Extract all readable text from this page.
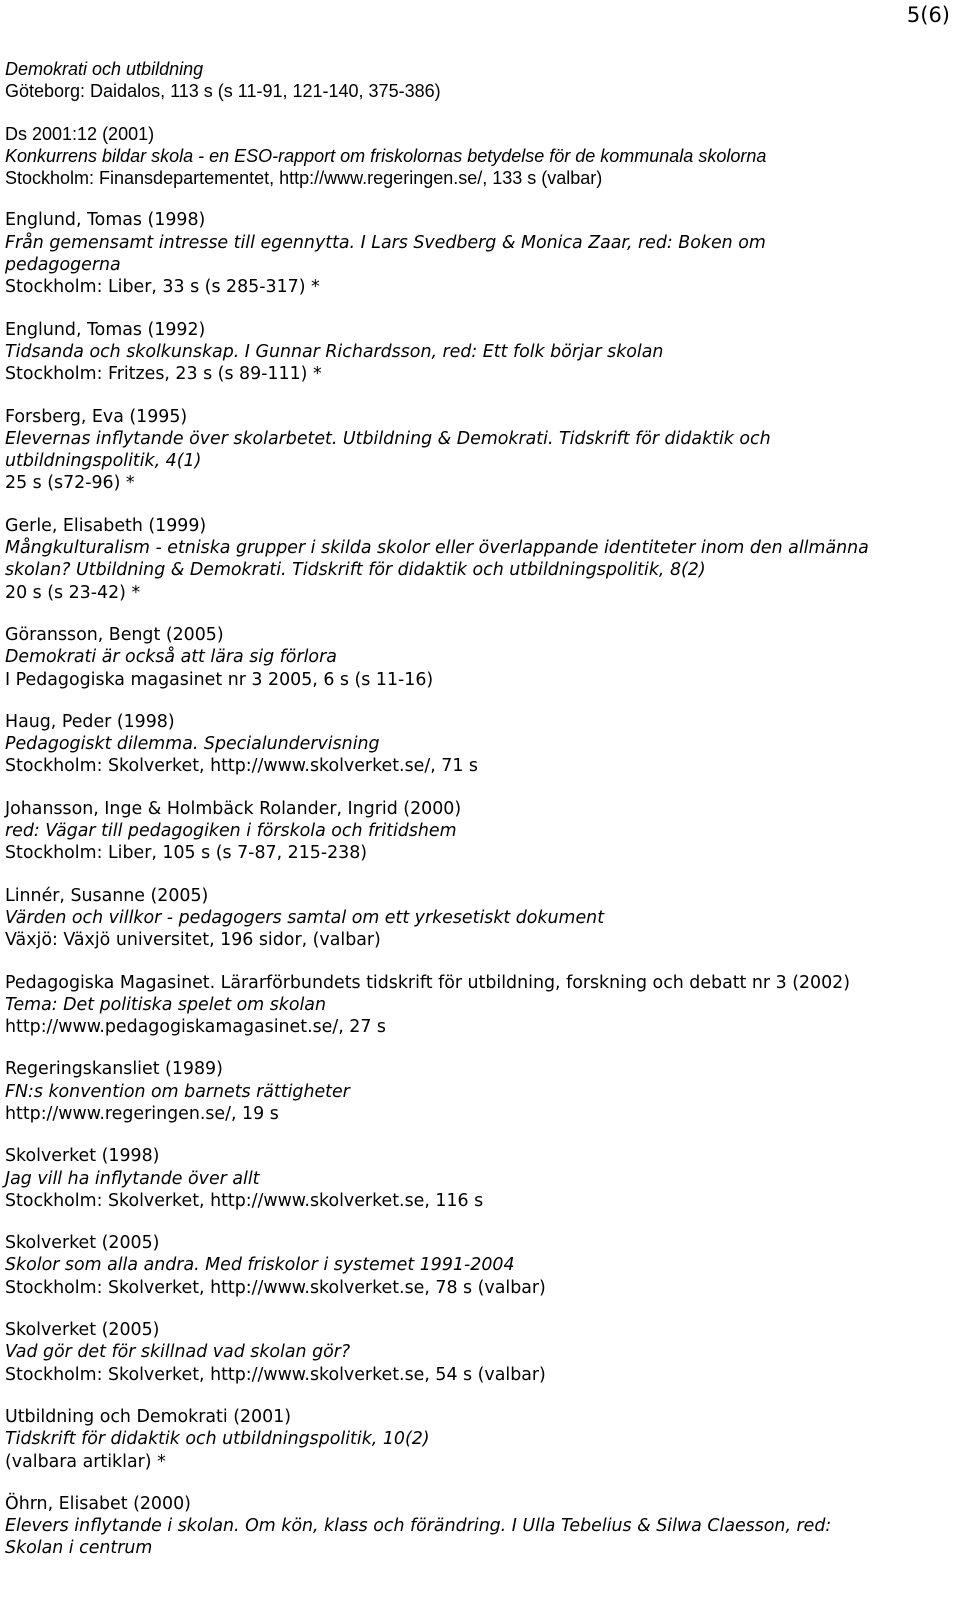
5(6)
Demokrati och utbildning
Göteborg: Daidalos, 113 s (s 11-91, 121-140, 375-386)
Ds 2001:12 (2001)
Konkurrens bildar skola - en ESO-rapport om friskolornas betydelse för de kommunala skolorna
Stockholm: Finansdepartementet, http://www.regeringen.se/, 133 s (valbar)
Englund, Tomas (1998)
Från gemensamt intresse till egennytta. I Lars Svedberg & Monica Zaar, red: Boken om
pedagogerna
Stockholm: Liber, 33 s (s 285-317) *
Englund, Tomas (1992)
Tidsanda och skolkunskap. I Gunnar Richardsson, red: Ett folk börjar skolan
Stockholm: Fritzes, 23 s (s 89-111) *
Forsberg, Eva (1995)
Elevernas inflytande över skolarbetet. Utbildning & Demokrati. Tidskrift för didaktik och
utbildningspolitik, 4(1)
25 s (s72-96) *
Gerle, Elisabeth (1999)
Mångkulturalism - etniska grupper i skilda skolor eller överlappande identiteter inom den allmänna
skolan? Utbildning & Demokrati. Tidskrift för didaktik och utbildningspolitik, 8(2)
20 s (s 23-42) *
Göransson, Bengt (2005)
Demokrati är också att lära sig förlora
I Pedagogiska magasinet nr 3 2005, 6 s (s 11-16)
Haug, Peder (1998)
Pedagogiskt dilemma. Specialundervisning
Stockholm: Skolverket, http://www.skolverket.se/, 71 s
Johansson, Inge & Holmbäck Rolander, Ingrid (2000)
red: Vägar till pedagogiken i förskola och fritidshem
Stockholm: Liber, 105 s (s 7-87, 215-238)
Linnér, Susanne (2005)
Värden och villkor - pedagogers samtal om ett yrkesetiskt dokument
Växjö: Växjö universitet, 196 sidor, (valbar)
Pedagogiska Magasinet. Lärarförbundets tidskrift för utbildning, forskning och debatt nr 3 (2002)
Tema: Det politiska spelet om skolan
http://www.pedagogiskamagasinet.se/, 27 s
Regeringskansliet (1989)
FN:s konvention om barnets rättigheter
http://www.regeringen.se/, 19 s
Skolverket (1998)
Jag vill ha inflytande över allt
Stockholm: Skolverket, http://www.skolverket.se, 116 s
Skolverket (2005)
Skolor som alla andra. Med friskolor i systemet 1991-2004
Stockholm: Skolverket, http://www.skolverket.se, 78 s (valbar)
Skolverket (2005)
Vad gör det för skillnad vad skolan gör?
Stockholm: Skolverket, http://www.skolverket.se, 54 s (valbar)
Utbildning och Demokrati (2001)
Tidskrift för didaktik och utbildningspolitik, 10(2)
(valbara artiklar) *
Öhrn, Elisabet (2000)
Elevers inflytande i skolan. Om kön, klass och förändring. I Ulla Tebelius & Silwa Claesson, red:
Skolan i centrum
